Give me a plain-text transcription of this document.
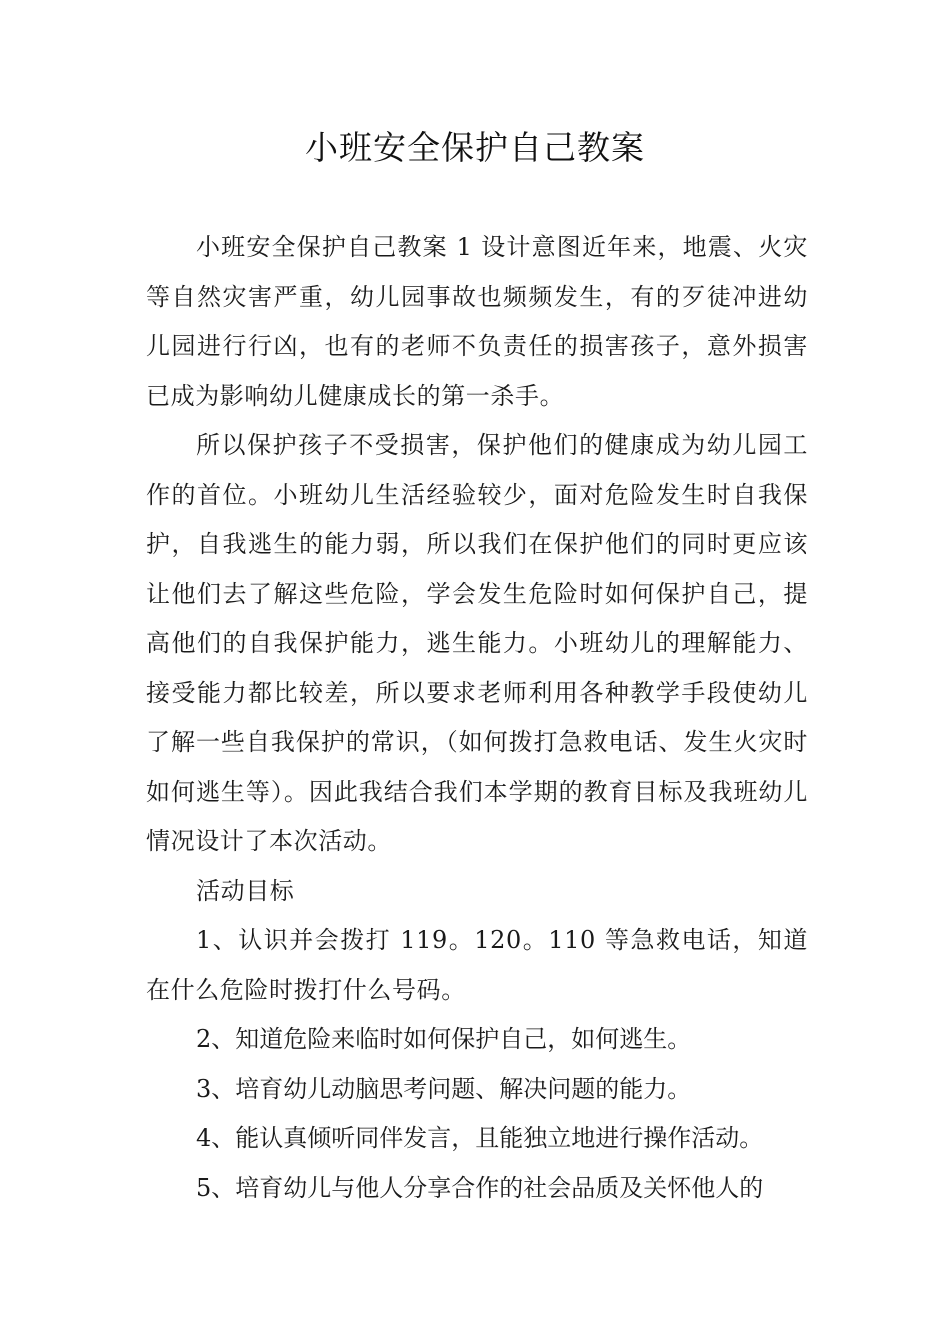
小班安全保护自己教案

小班安全保护自己教案 1 设计意图近年来，地震、火灾等自然灾害严重，幼儿园事故也频频发生，有的歹徒冲进幼儿园进行行凶，也有的老师不负责任的损害孩子，意外损害已成为影响幼儿健康成长的第一杀手。

所以保护孩子不受损害，保护他们的健康成为幼儿园工作的首位。小班幼儿生活经验较少，面对危险发生时自我保护，自我逃生的能力弱，所以我们在保护他们的同时更应该让他们去了解这些危险，学会发生危险时如何保护自己，提高他们的自我保护能力，逃生能力。小班幼儿的理解能力、接受能力都比较差，所以要求老师利用各种教学手段使幼儿了解一些自我保护的常识，（如何拨打急救电话、发生火灾时如何逃生等）。因此我结合我们本学期的教育目标及我班幼儿情况设计了本次活动。

活动目标

1、认识并会拨打 119。120。110 等急救电话，知道在什么危险时拨打什么号码。

2、知道危险来临时如何保护自己，如何逃生。

3、培育幼儿动脑思考问题、解决问题的能力。

4、能认真倾听同伴发言，且能独立地进行操作活动。

5、培育幼儿与他人分享合作的社会品质及关怀他人的
